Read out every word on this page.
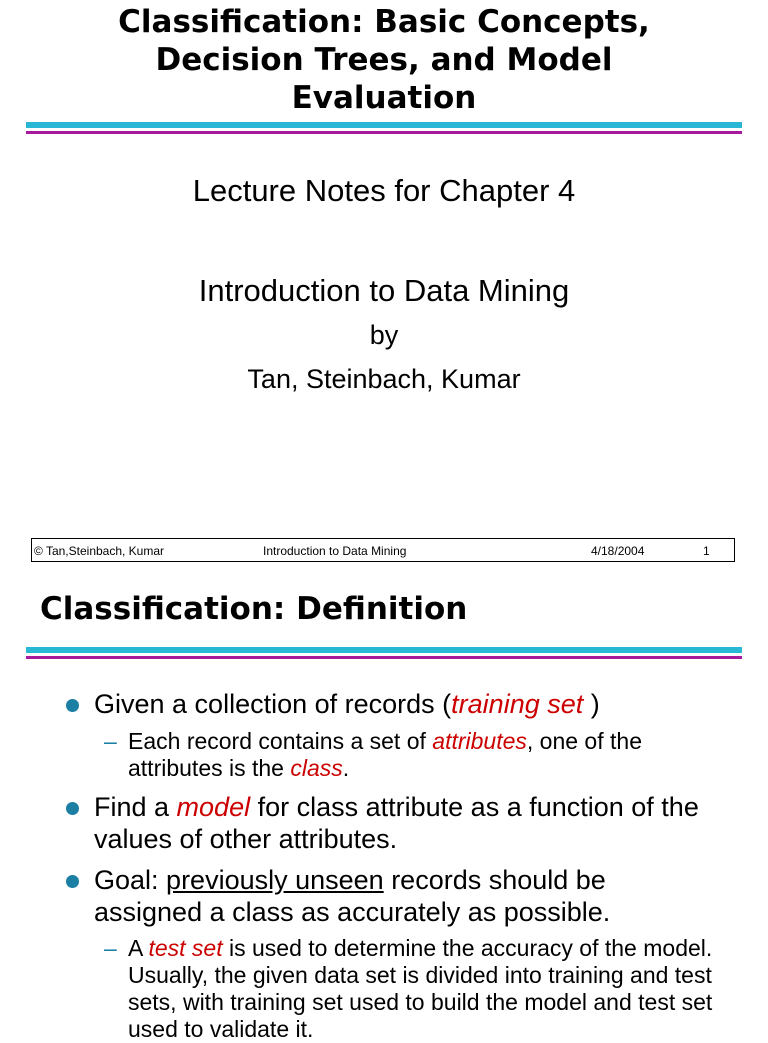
Classification: Basic Concepts,
Decision Trees, and Model
Evaluation
Lecture Notes for Chapter 4
Introduction to Data Mining
by
Tan, Steinbach, Kumar
© Tan,Steinbach, Kumar	Introduction to Data Mining	4/18/2004	1
Classification: Definition
Given a collection of records (training set )
– Each record contains a set of attributes, one of the attributes is the class.
Find a model for class attribute as a function of the values of other attributes.
Goal: previously unseen records should be assigned a class as accurately as possible.
– A test set is used to determine the accuracy of the model. Usually, the given data set is divided into training and test sets, with training set used to build the model and test set used to validate it.
